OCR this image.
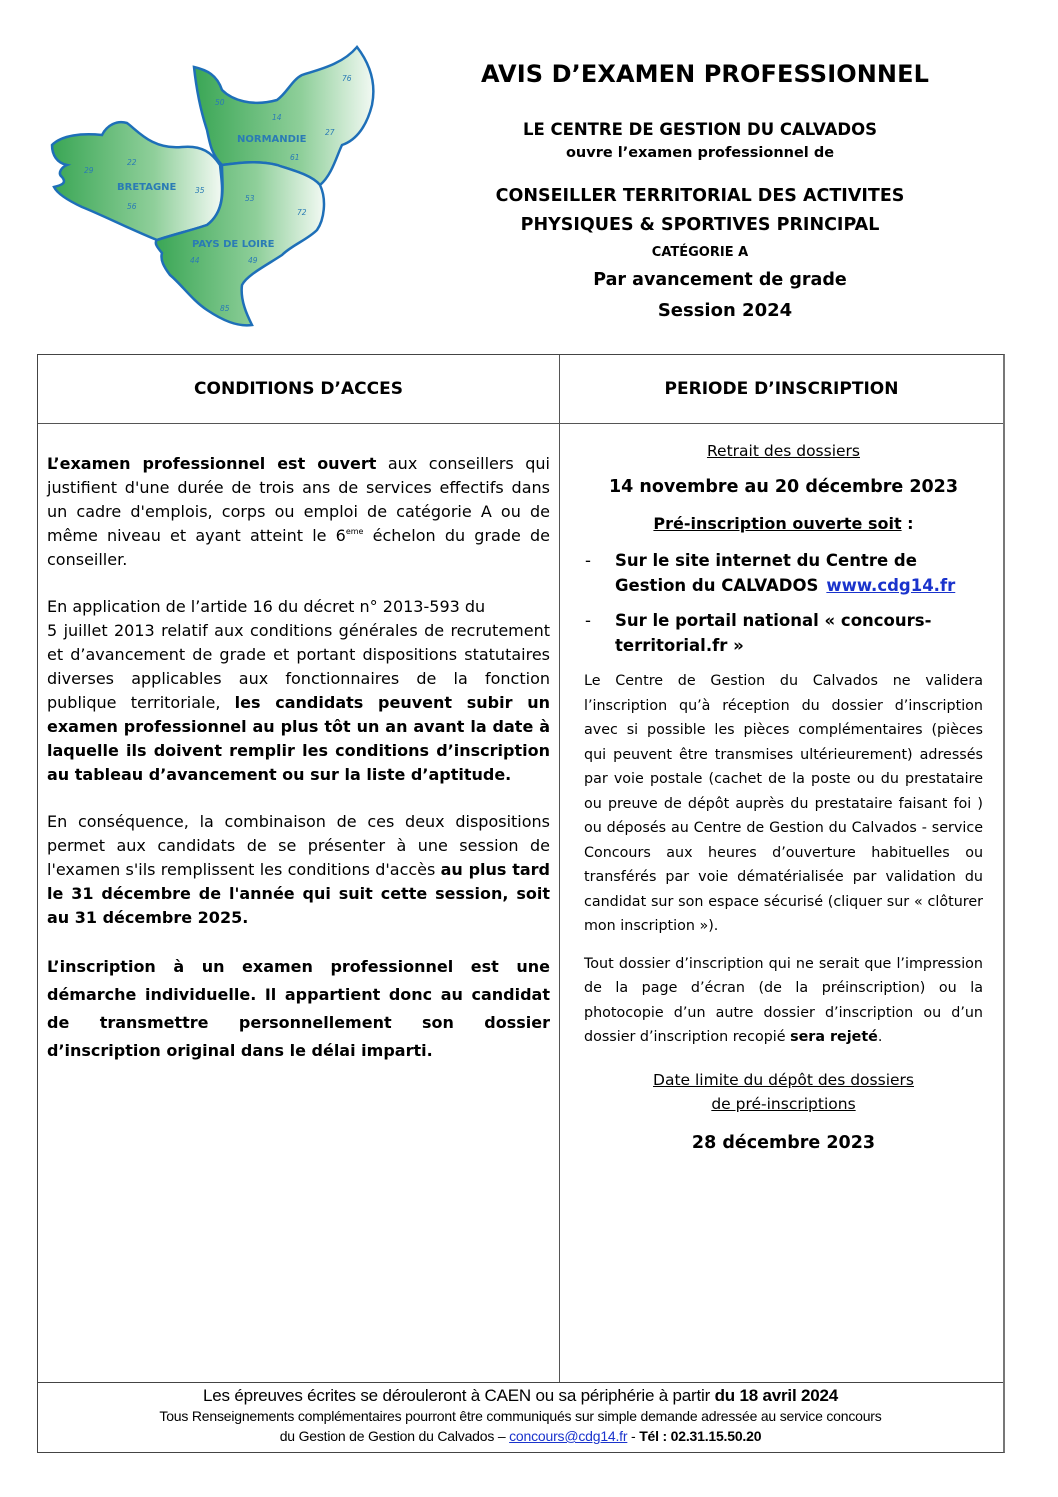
NORMANDIE
BRETAGNE
PAYS DE LOIRE
76
50
14
27
61
22
29
35
56
53
72
44	49
85
AVIS D’EXAMEN PROFESSIONNEL
LE CENTRE DE GESTION DU CALVADOS
ouvre l’examen professionnel de
CONSEILLER TERRITORIAL DES ACTIVITES
PHYSIQUES & SPORTIVES PRINCIPAL
CATÉGORIE A
Par avancement de grade
Session 2024
CONDITIONS D’ACCES	PERIODE D’INSCRIPTION

L’examen professionnel est ouvert aux conseillers qui justifient d'une durée de trois ans de services effectifs dans un cadre d'emplois, corps ou emploi de catégorie A ou de même niveau et ayant atteint le 6eme échelon du grade de conseiller.

En application de l’artide 16 du décret n° 2013-593 du
5 juillet 2013 relatif aux conditions générales de recrutement et d’avancement de grade et portant dispositions statutaires diverses applicables aux fonctionnaires de la fonction publique territoriale, les candidats peuvent subir un examen professionnel au plus tôt un an avant la date à laquelle ils doivent remplir les conditions d’inscription au tableau d’avancement ou sur la liste d’aptitude.

En conséquence, la combinaison de ces deux dispositions permet aux candidats de se présenter à une session de l'examen s'ils remplissent les conditions d'accès au plus tard le 31 décembre de l'année qui suit cette session, soit au 31 décembre 2025.

L’inscription à un examen professionnel est une démarche individuelle. Il appartient donc au candidat de transmettre personnellement son dossier d’inscription original dans le délai imparti.

Retrait des dossiers
14 novembre au 20 décembre 2023
Pré-inscription ouverte soit :
- Sur le site internet du Centre de Gestion du CALVADOS www.cdg14.fr
- Sur le portail national « concours-territorial.fr »

Le Centre de Gestion du Calvados ne validera l’inscription qu’à réception du dossier d’inscription avec si possible les pièces complémentaires (pièces qui peuvent être transmises ultérieurement) adressés par voie postale (cachet de la poste ou du prestataire ou preuve de dépôt auprès du prestataire faisant foi ) ou déposés au Centre de Gestion du Calvados - service Concours aux heures d’ouverture habituelles ou transférés par voie dématérialisée par validation du candidat sur son espace sécurisé (cliquer sur « clôturer mon inscription »).

Tout dossier d’inscription qui ne serait que l’impression de la page d’écran (de la préinscription) ou la photocopie d’un autre dossier d’inscription ou d’un dossier d’inscription recopié sera rejeté.

Date limite du dépôt des dossiers
de pré-inscriptions
28 décembre 2023
Les épreuves écrites se dérouleront à CAEN ou sa périphérie à partir du 18 avril 2024
Tous Renseignements complémentaires pourront être communiqués sur simple demande adressée au service concours
du Gestion de Gestion du Calvados – concours@cdg14.fr - Tél : 02.31.15.50.20
